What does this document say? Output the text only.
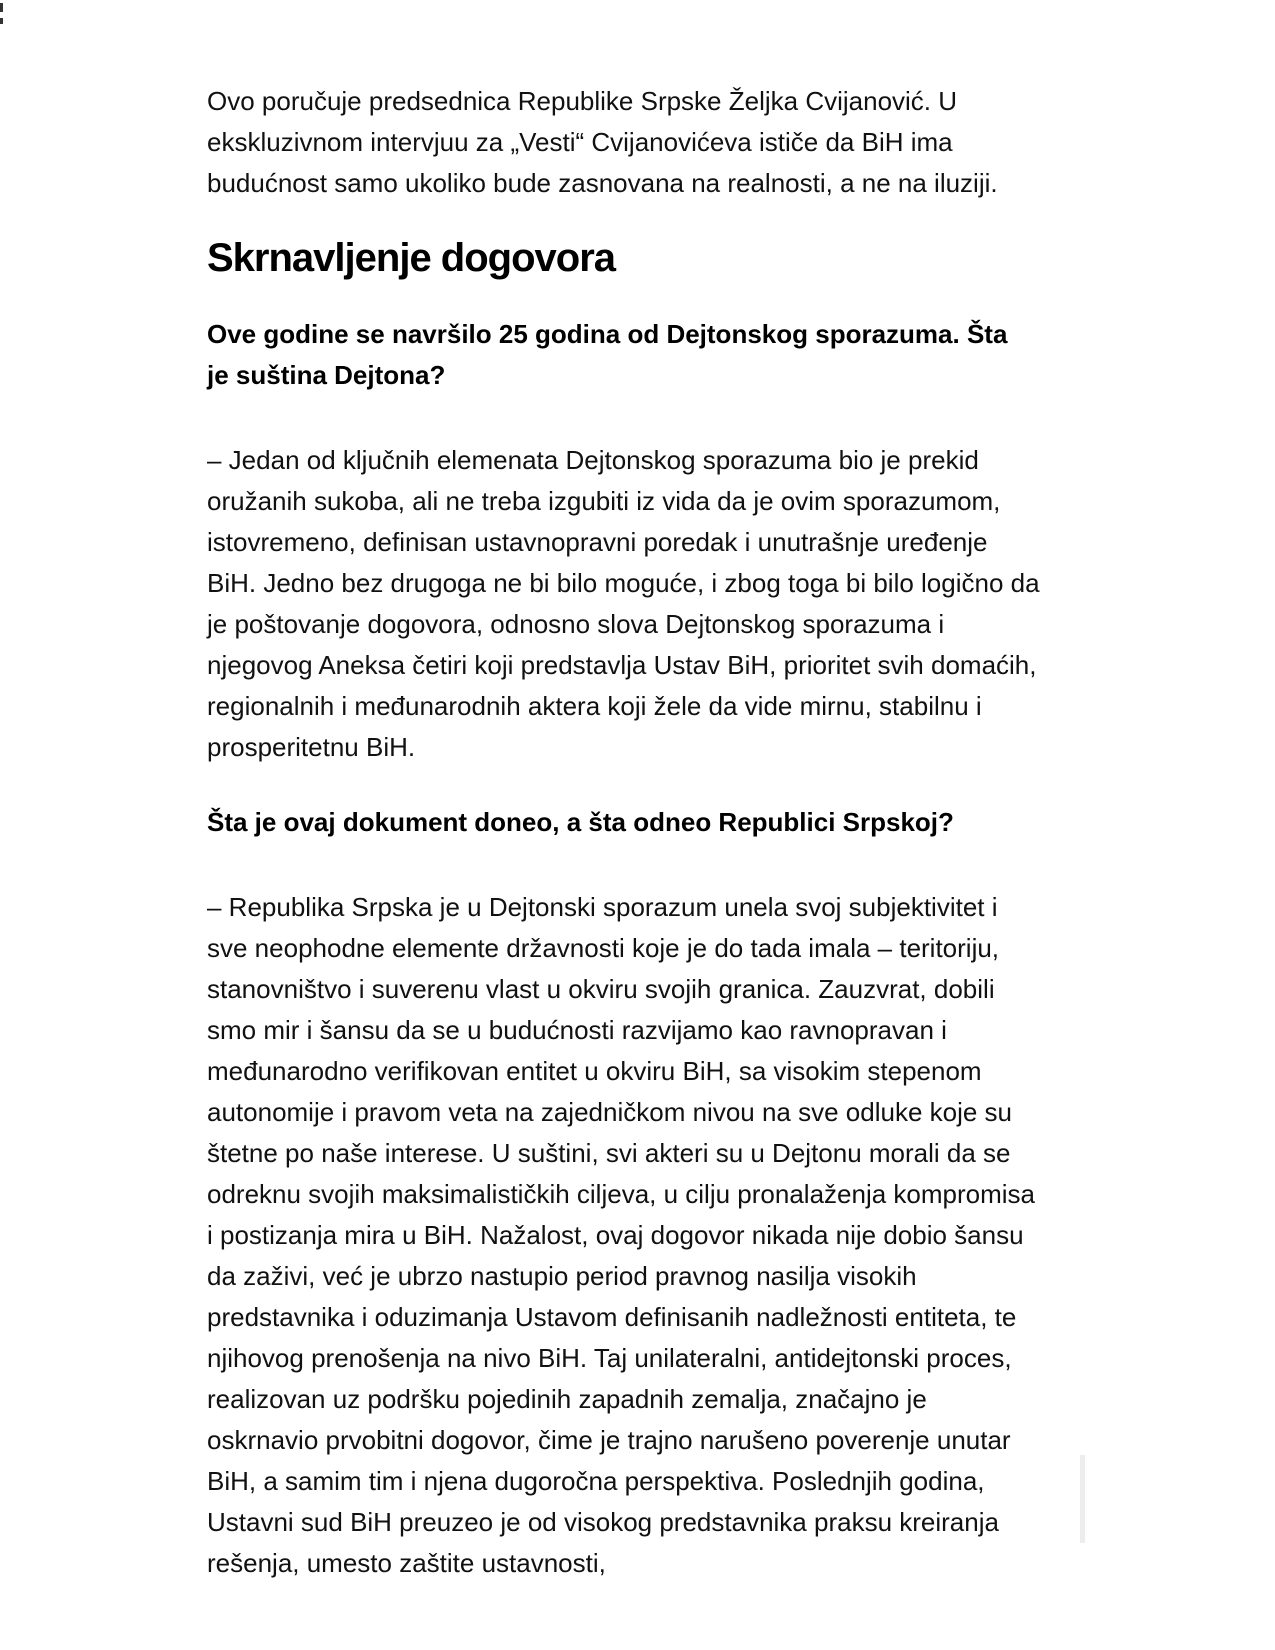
Ovo poručuje predsednica Republike Srpske Željka Cvijanović. U ekskluzivnom intervjuu za „Vesti“ Cvijanovićeva ističe da BiH ima budućnost samo ukoliko bude zasnovana na realnosti, a ne na iluziji.

Skrnavljenje dogovora

Ove godine se navršilo 25 godina od Dejtonskog sporazuma. Šta je suština Dejtona?

– Jedan od ključnih elemenata Dejtonskog sporazuma bio je prekid oružanih sukoba, ali ne treba izgubiti iz vida da je ovim sporazumom, istovremeno, definisan ustavnopravni poredak i unutrašnje uređenje BiH. Jedno bez drugoga ne bi bilo moguće, i zbog toga bi bilo logično da je poštovanje dogovora, odnosno slova Dejtonskog sporazuma i njegovog Aneksa četiri koji predstavlja Ustav BiH, prioritet svih domaćih, regionalnih i međunarodnih aktera koji žele da vide mirnu, stabilnu i prosperitetnu BiH.

Šta je ovaj dokument doneo, a šta odneo Republici Srpskoj?

– Republika Srpska je u Dejtonski sporazum unela svoj subjektivitet i sve neophodne elemente državnosti koje je do tada imala – teritoriju, stanovništvo i suverenu vlast u okviru svojih granica. Zauzvrat, dobili smo mir i šansu da se u budućnosti razvijamo kao ravnopravan i međunarodno verifikovan entitet u okviru BiH, sa visokim stepenom autonomije i pravom veta na zajedničkom nivou na sve odluke koje su štetne po naše interese. U suštini, svi akteri su u Dejtonu morali da se odreknu svojih maksimalističkih ciljeva, u cilju pronalaženja kompromisa i postizanja mira u BiH. Nažalost, ovaj dogovor nikada nije dobio šansu da zaživi, već je ubrzo nastupio period pravnog nasilja visokih predstavnika i oduzimanja Ustavom definisanih nadležnosti entiteta, te njihovog prenošenja na nivo BiH. Taj unilateralni, antidejtonski proces, realizovan uz podršku pojedinih zapadnih zemalja, značajno je oskrnavio prvobitni dogovor, čime je trajno narušeno poverenje unutar BiH, a samim tim i njena dugoročna perspektiva. Poslednjih godina, Ustavni sud BiH preuzeo je od visokog predstavnika praksu kreiranja rešenja, umesto zaštite ustavnosti,
